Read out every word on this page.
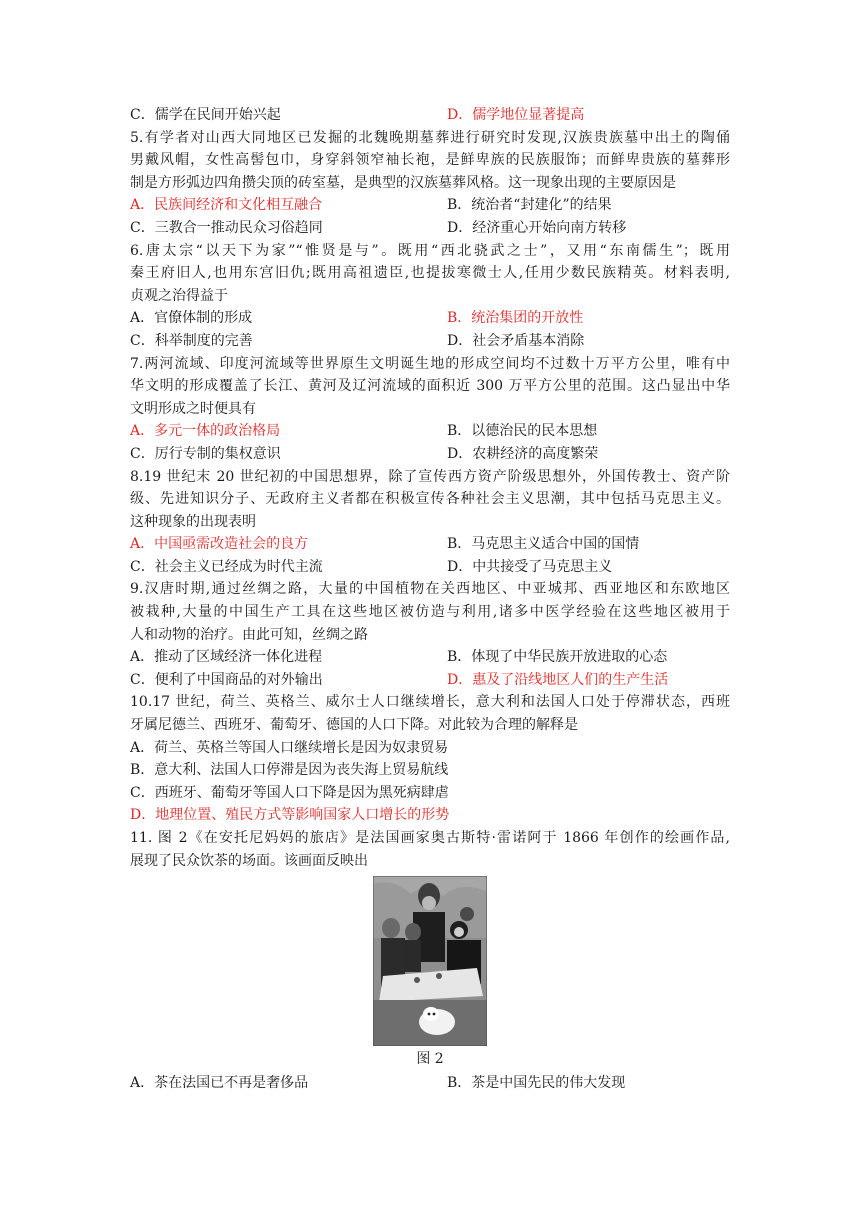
C．儒学在民间开始兴起	D．儒学地位显著提高
5.有学者对山西大同地区已发掘的北魏晚期墓葬进行研究时发现,汉族贵族墓中出土的陶俑
男戴风帽，女性高髻包巾，身穿斜领窄袖长袍，是鲜卑族的民族服饰；而鲜卑贵族的墓葬形
制是方形弧边四角攒尖顶的砖室墓，是典型的汉族墓葬风格。这一现象出现的主要原因是
A．民族间经济和文化相互融合	B．统治者“封建化”的结果
C．三教合一推动民众习俗趋同	D．经济重心开始向南方转移
6.唐太宗“以天下为家”“惟贤是与”。既用“西北骁武之士”，又用“东南儒生”；既用
秦王府旧人,也用东宫旧仇;既用高祖遗臣,也提拔寒微士人,任用少数民族精英。材料表明,
贞观之治得益于
A．官僚体制的形成	B．统治集团的开放性
C．科举制度的完善	D．社会矛盾基本消除
7.两河流域、印度河流域等世界原生文明诞生地的形成空间均不过数十万平方公里，唯有中
华文明的形成覆盖了长江、黄河及辽河流域的面积近 300 万平方公里的范围。这凸显出中华
文明形成之时便具有
A．多元一体的政治格局	B．以德治民的民本思想
C．厉行专制的集权意识	D．农耕经济的高度繁荣
8.19 世纪末 20 世纪初的中国思想界，除了宣传西方资产阶级思想外，外国传教士、资产阶
级、先进知识分子、无政府主义者都在积极宣传各种社会主义思潮，其中包括马克思主义。
这种现象的出现表明
A．中国亟需改造社会的良方	B．马克思主义适合中国的国情
C．社会主义已经成为时代主流	D．中共接受了马克思主义
9.汉唐时期,通过丝绸之路，大量的中国植物在关西地区、中亚城邦、西亚地区和东欧地区
被栽种,大量的中国生产工具在这些地区被仿造与利用,诸多中医学经验在这些地区被用于
人和动物的治疗。由此可知，丝绸之路
A．推动了区域经济一体化进程	B．体现了中华民族开放进取的心态
C．便利了中国商品的对外输出	D．惠及了沿线地区人们的生产生活
10.17 世纪，荷兰、英格兰、威尔士人口继续增长，意大利和法国人口处于停滞状态，西班
牙属尼德兰、西班牙、葡萄牙、德国的人口下降。对此较为合理的解释是
A．荷兰、英格兰等国人口继续增长是因为奴隶贸易
B．意大利、法国人口停滞是因为丧失海上贸易航线
C．西班牙、葡萄牙等国人口下降是因为黑死病肆虐
D．地理位置、殖民方式等影响国家人口增长的形势
11. 图 2《在安托尼妈妈的旅店》是法国画家奥古斯特·雷诺阿于 1866 年创作的绘画作品,
展现了民众饮茶的场面。该画面反映出
图 2
A．茶在法国已不再是奢侈品	B．茶是中国先民的伟大发现
